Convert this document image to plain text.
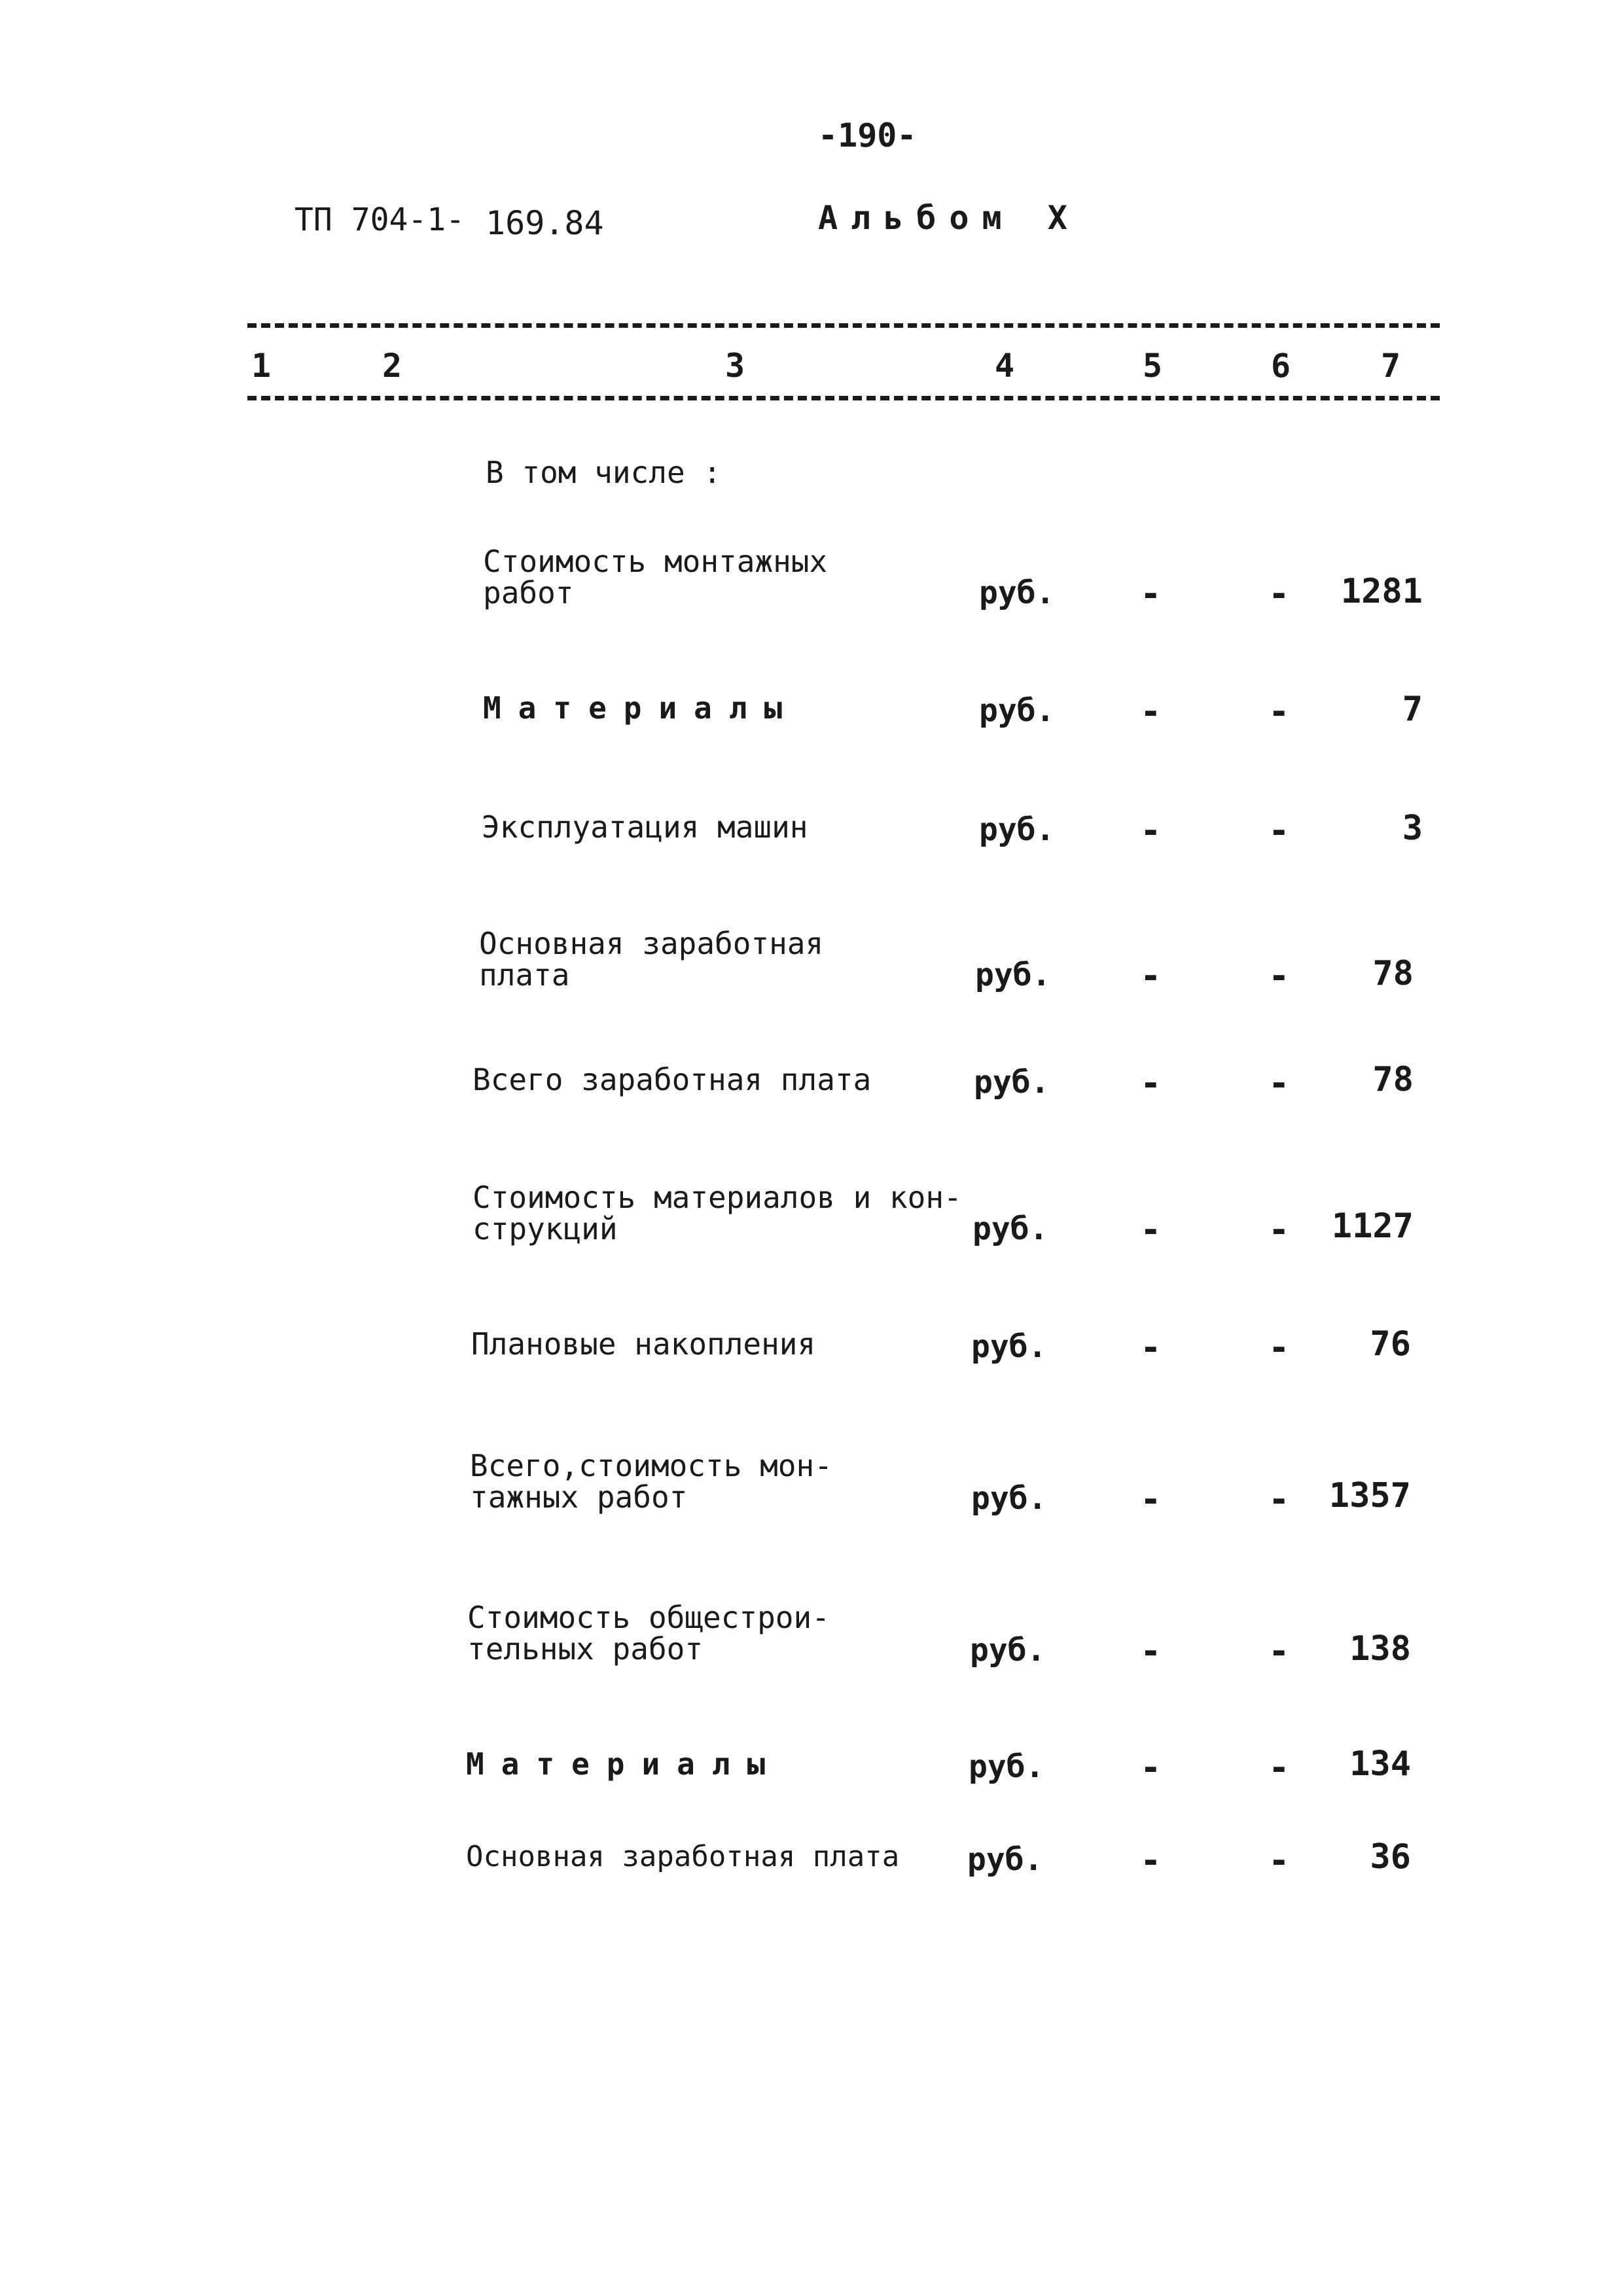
-190-
ТП 704-1- 169.84	Альбом X
1	2	3	4	5	6	7
В том числе :
Стоимость монтажных
работ	руб. -	-	1281
Материалы	руб. -	-	7
Эксплуатация машин	руб. -	-	3
Основная заработная
плата	руб.	-	-	78
Всего заработная плата	руб.	-	-	78
Стоимость материалов и кон-
струкций	руб.	-	-	1127
Плановые накопления	руб.	-	-	76
Всего,стоимость мон-
тажных работ	руб.	-	-	1357
Стоимость общестрои-
тельных работ	руб.	-	-	138
Материалы	руб.	-	-	134
Основная заработная плата руб.	-	-	36
